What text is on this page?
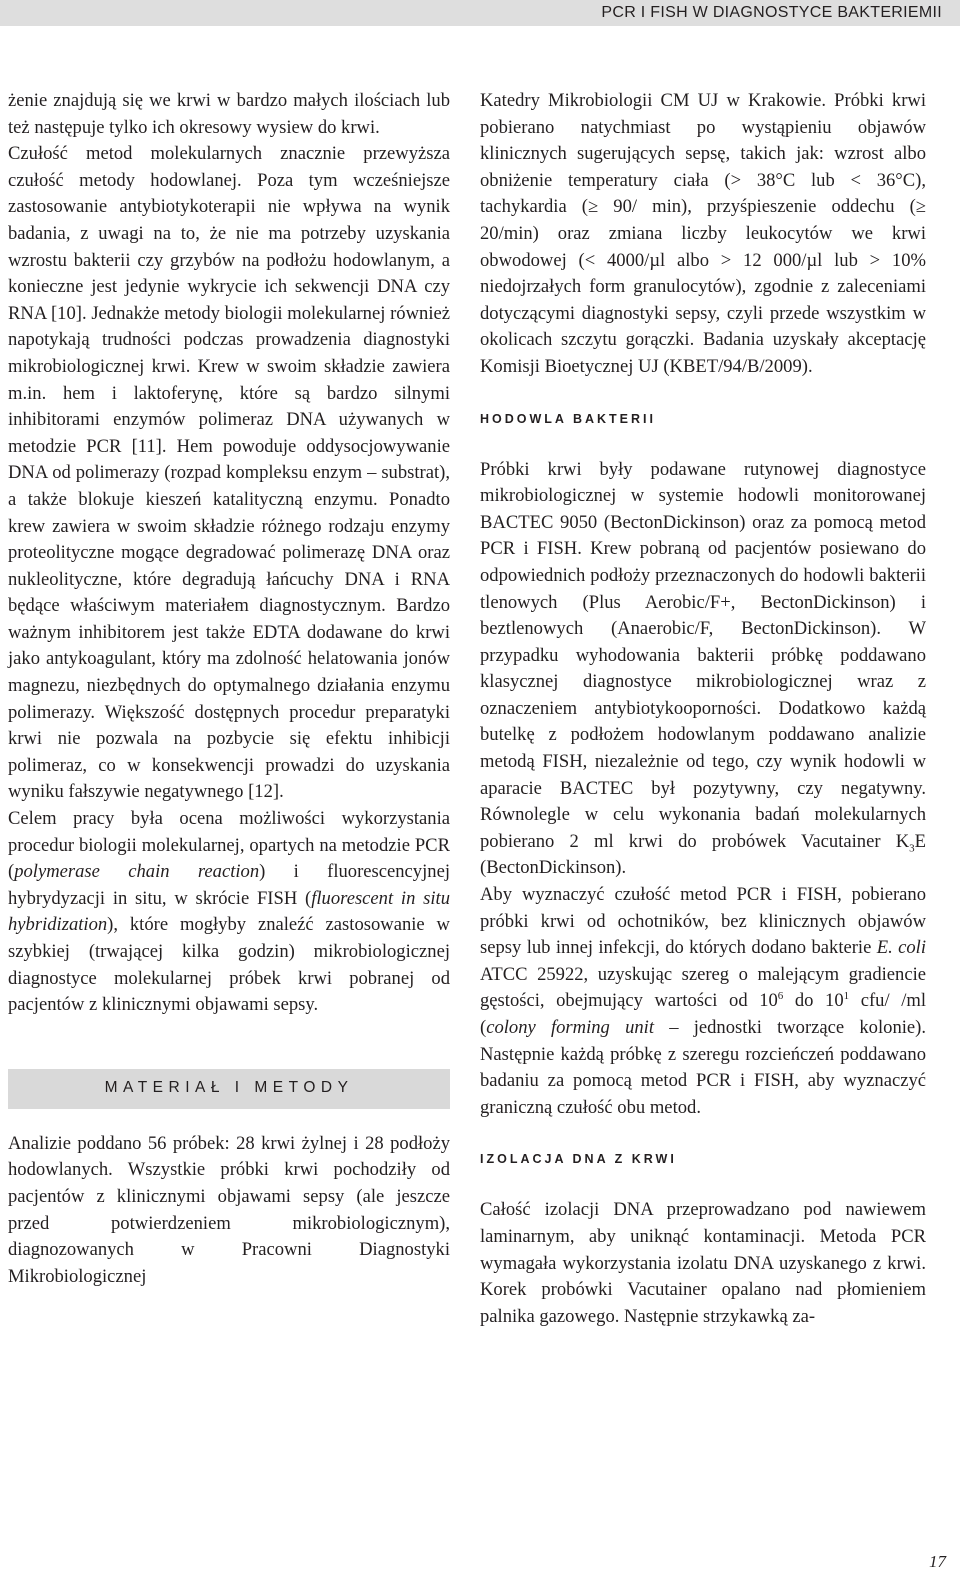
PCR I FISH W DIAGNOSTYCE BAKTERIEMII

żenie znajdują się we krwi w bardzo małych ilościach lub też następuje tylko ich okresowy wysiew do krwi.

Czułość metod molekularnych znacznie przewyższa czułość metody hodowlanej. Poza tym wcześniejsze zastosowanie antybiotykoterapii nie wpływa na wynik badania, z uwagi na to, że nie ma potrzeby uzyskania wzrostu bakterii czy grzybów na podłożu hodowlanym, a konieczne jest jedynie wykrycie ich sekwencji DNA czy RNA [10]. Jednakże metody biologii molekularnej również napotykają trudności podczas prowadzenia diagnostyki mikrobiologicznej krwi. Krew w swoim składzie zawiera m.in. hem i laktoferynę, które są bardzo silnymi inhibitorami enzymów polimeraz DNA używanych w metodzie PCR [11]. Hem powoduje oddysocjowywanie DNA od polimerazy (rozpad kompleksu enzym – substrat), a także blokuje kieszeń katalityczną enzymu. Ponadto krew zawiera w swoim składzie różnego rodzaju enzymy proteolityczne mogące degradować polimerazę DNA oraz nukleolityczne, które degradują łańcuchy DNA i RNA będące właściwym materiałem diagnostycznym. Bardzo ważnym inhibitorem jest także EDTA dodawane do krwi jako antykoagulant, który ma zdolność helatowania jonów magnezu, niezbędnych do optymalnego działania enzymu polimerazy. Większość dostępnych procedur preparatyki krwi nie pozwala na pozbycie się efektu inhibicji polimeraz, co w konsekwencji prowadzi do uzyskania wyniku fałszywie negatywnego [12].

Celem pracy była ocena możliwości wykorzystania procedur biologii molekularnej, opartych na metodzie PCR (polymerase chain reaction) i fluorescencyjnej hybrydyzacji in situ, w skrócie FISH (fluorescent in situ hybridization), które mogłyby znaleźć zastosowanie w szybkiej (trwającej kilka godzin) mikrobiologicznej diagnostyce molekularnej próbek krwi pobranej od pacjentów z klinicznymi objawami sepsy.

MATERIAŁ I METODY

Analizie poddano 56 próbek: 28 krwi żylnej i 28 podłoży hodowlanych. Wszystkie próbki krwi pochodziły od pacjentów z klinicznymi objawami sepsy (ale jeszcze przed potwierdzeniem mikrobiologicznym), diagnozowanych w Pracowni Diagnostyki Mikrobiologicznej

Katedry Mikrobiologii CM UJ w Krakowie. Próbki krwi pobierano natychmiast po wystąpieniu objawów klinicznych sugerujących sepsę, takich jak: wzrost albo obniżenie temperatury ciała (> 38°C lub < 36°C), tachykardia (≥ 90/ min), przyśpieszenie oddechu (≥ 20/min) oraz zmiana liczby leukocytów we krwi obwodowej (< 4000/µl albo > 12 000/µl lub > 10% niedojrzałych form granulocytów), zgodnie z zaleceniami dotyczącymi diagnostyki sepsy, czyli przede wszystkim w okolicach szczytu gorączki. Badania uzyskały akceptację Komisji Bioetycznej UJ (KBET/94/B/2009).

HODOWLA BAKTERII

Próbki krwi były podawane rutynowej diagnostyce mikrobiologicznej w systemie hodowli monitorowanej BACTEC 9050 (BectonDickinson) oraz za pomocą metod PCR i FISH. Krew pobraną od pacjentów posiewano do odpowiednich podłoży przeznaczonych do hodowli bakterii tlenowych (Plus Aerobic/F+, BectonDickinson) i beztlenowych (Anaerobic/F, BectonDickinson). W przypadku wyhodowania bakterii próbkę poddawano klasycznej diagnostyce mikrobiologicznej wraz z oznaczeniem antybiotykooporności. Dodatkowo każdą butelkę z podłożem hodowlanym poddawano analizie metodą FISH, niezależnie od tego, czy wynik hodowli w aparacie BACTEC był pozytywny, czy negatywny. Równolegle w celu wykonania badań molekularnych pobierano 2 ml krwi do probówek Vacutainer $K_3E$ (BectonDickinson).

Aby wyznaczyć czułość metod PCR i FISH, pobierano próbki krwi od ochotników, bez klinicznych objawów sepsy lub innej infekcji, do których dodano bakterie E. coli ATCC 25922, uzyskując szereg o malejącym gradiencie gęstości, obejmujący wartości od $10^6$ do $10^1$ cfu/ /ml (colony forming unit – jednostki tworzące kolonie). Następnie każdą próbkę z szeregu rozcieńczeń poddawano badaniu za pomocą metod PCR i FISH, aby wyznaczyć graniczną czułość obu metod.

IZOLACJA DNA Z KRWI

Całość izolacji DNA przeprowadzano pod nawiewem laminarnym, aby uniknąć kontaminacji. Metoda PCR wymagała wykorzystania izolatu DNA uzyskanego z krwi. Korek probówki Vacutainer opalano nad płomieniem palnika gazowego. Następnie strzykawką za-

17
